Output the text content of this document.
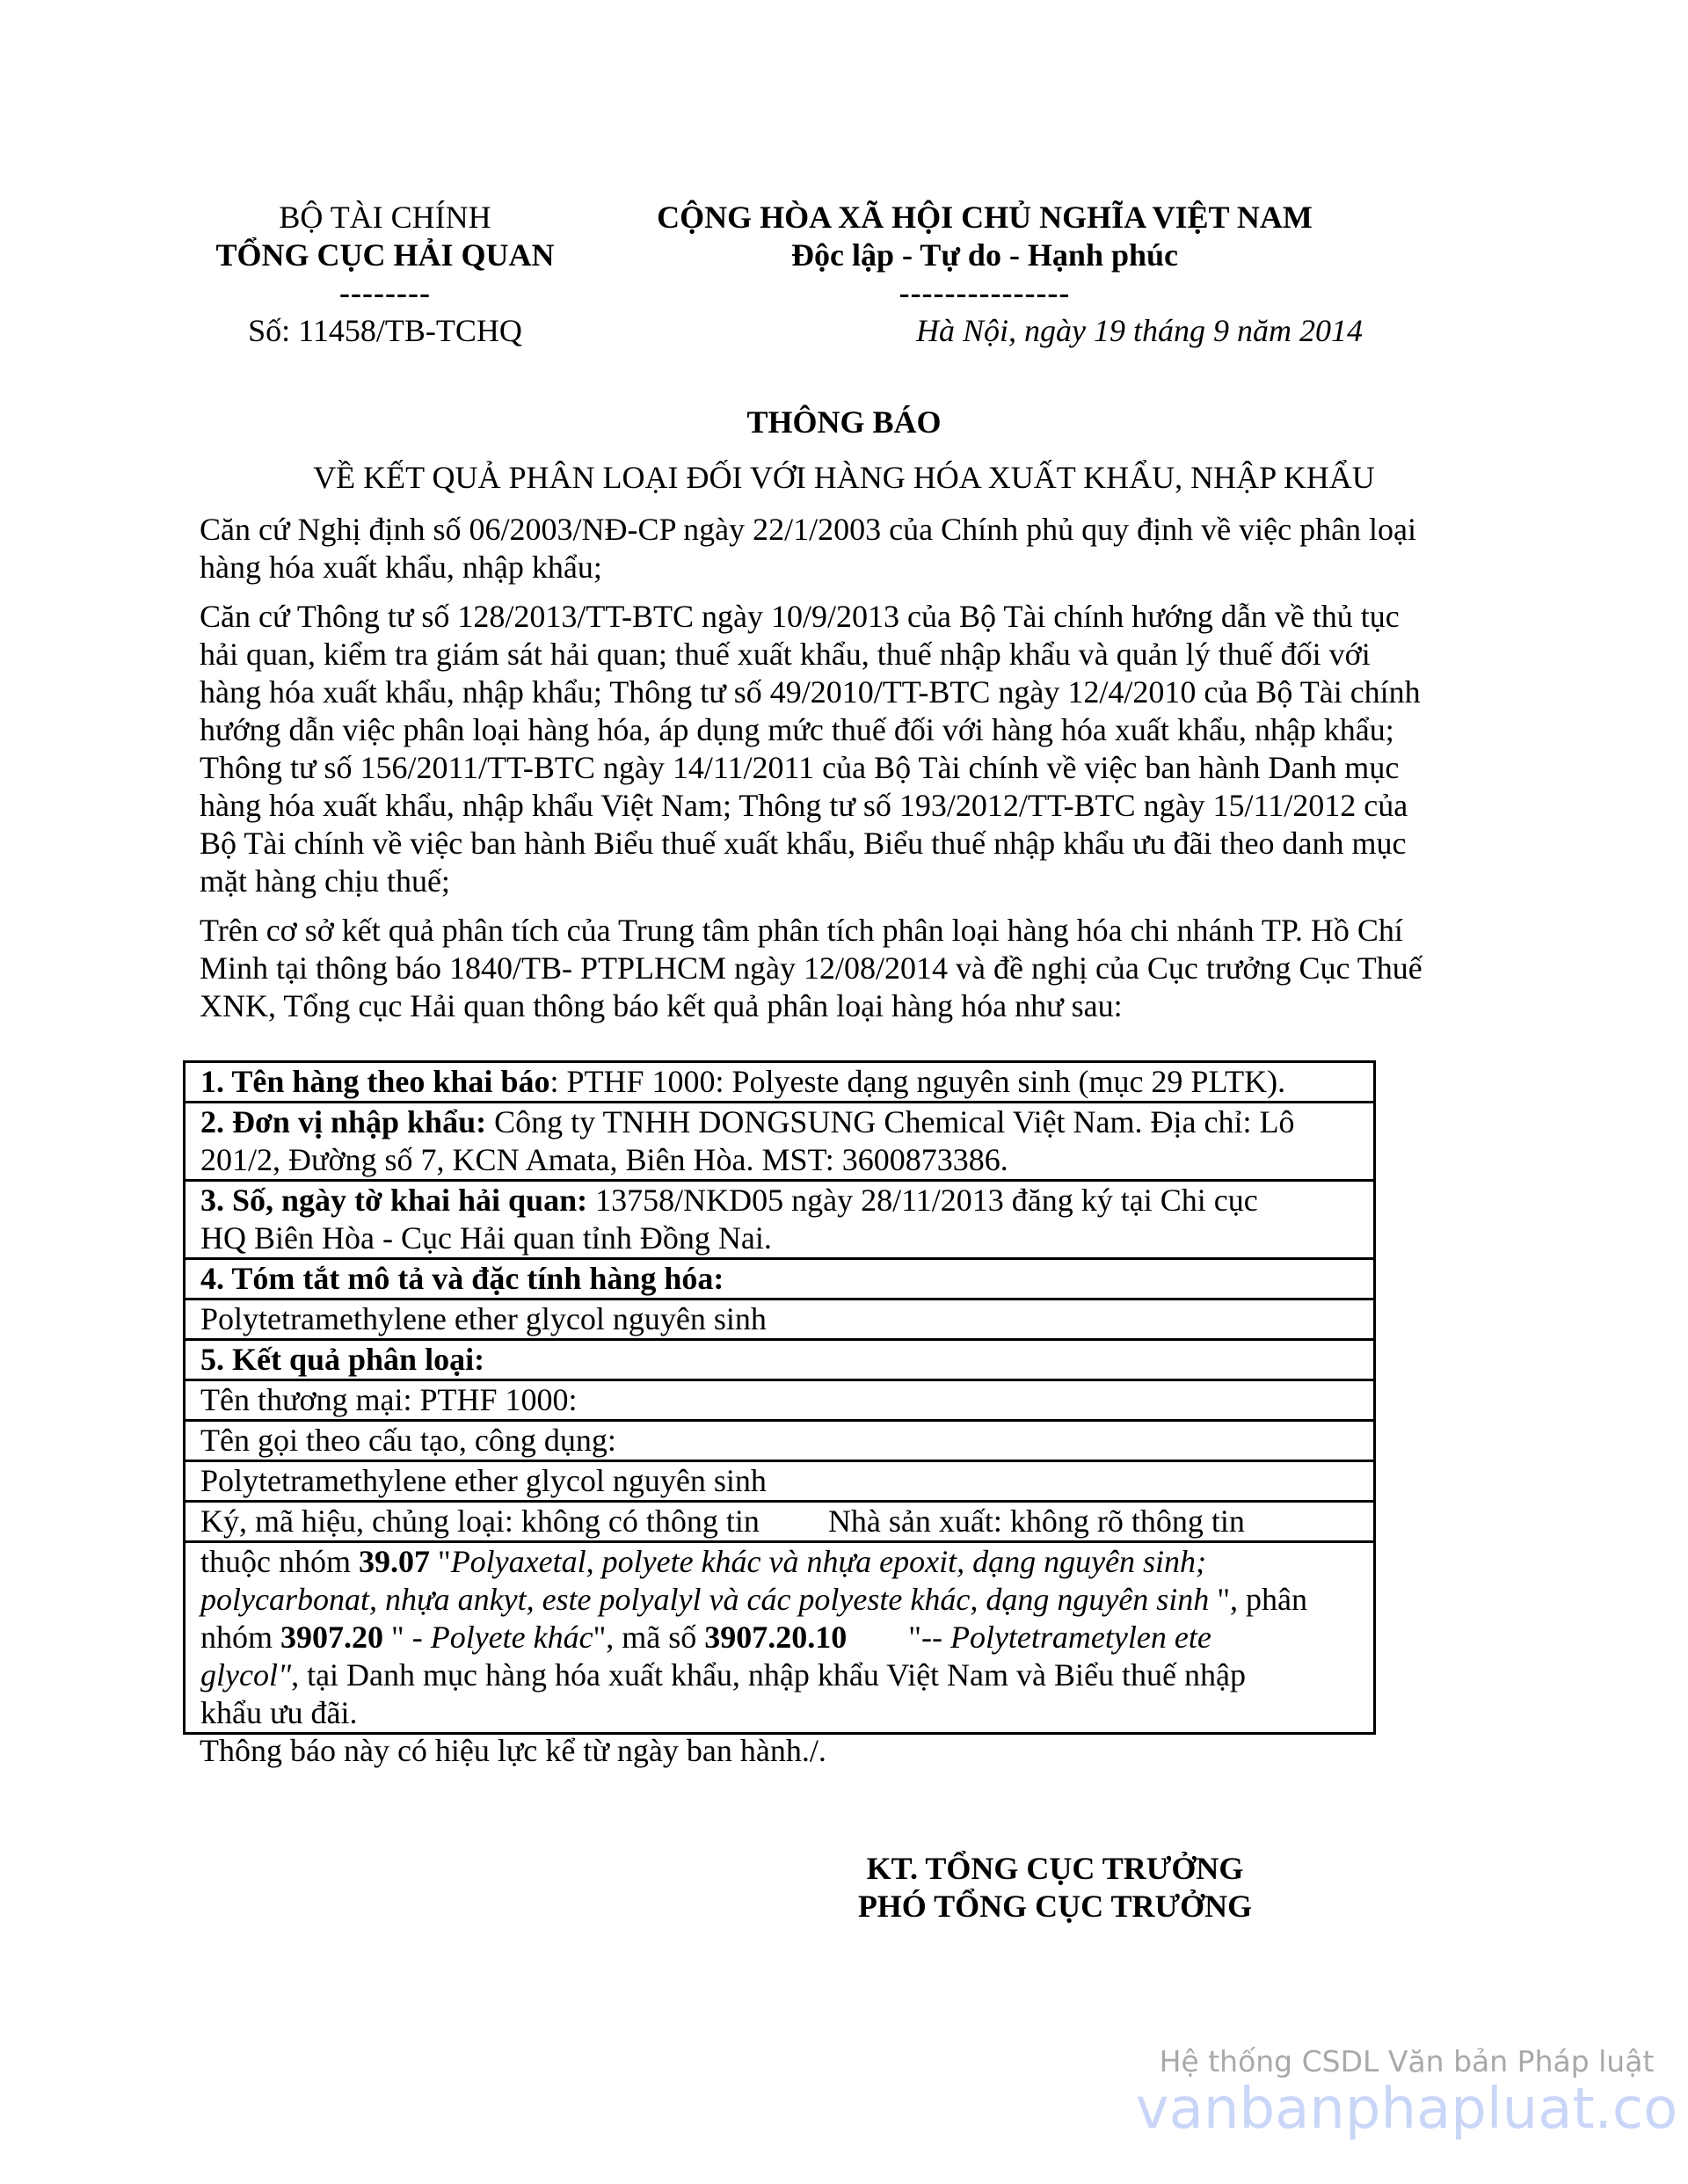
BỘ TÀI CHÍNH
TỔNG CỤC HẢI QUAN
--------
Số: 11458/TB-TCHQ
CỘNG HÒA XÃ HỘI CHỦ NGHĨA VIỆT NAM
Độc lập - Tự do - Hạnh phúc
---------------
Hà Nội, ngày 19 tháng 9 năm 2014
THÔNG BÁO
VỀ KẾT QUẢ PHÂN LOẠI ĐỐI VỚI HÀNG HÓA XUẤT KHẨU, NHẬP KHẨU

Căn cứ Nghị định số 06/2003/NĐ-CP ngày 22/1/2003 của Chính phủ quy định về việc phân loại
hàng hóa xuất khẩu, nhập khẩu;

Căn cứ Thông tư số 128/2013/TT-BTC ngày 10/9/2013 của Bộ Tài chính hướng dẫn về thủ tục
hải quan, kiểm tra giám sát hải quan; thuế xuất khẩu, thuế nhập khẩu và quản lý thuế đối với
hàng hóa xuất khẩu, nhập khẩu; Thông tư số 49/2010/TT-BTC ngày 12/4/2010 của Bộ Tài chính
hướng dẫn việc phân loại hàng hóa, áp dụng mức thuế đối với hàng hóa xuất khẩu, nhập khẩu;
Thông tư số 156/2011/TT-BTC ngày 14/11/2011 của Bộ Tài chính về việc ban hành Danh mục
hàng hóa xuất khẩu, nhập khẩu Việt Nam; Thông tư số 193/2012/TT-BTC ngày 15/11/2012 của
Bộ Tài chính về việc ban hành Biểu thuế xuất khẩu, Biểu thuế nhập khẩu ưu đãi theo danh mục
mặt hàng chịu thuế;

Trên cơ sở kết quả phân tích của Trung tâm phân tích phân loại hàng hóa chi nhánh TP. Hồ Chí
Minh tại thông báo 1840/TB- PTPLHCM ngày 12/08/2014 và đề nghị của Cục trưởng Cục Thuế
XNK, Tổng cục Hải quan thông báo kết quả phân loại hàng hóa như sau:

1. Tên hàng theo khai báo: PTHF 1000: Polyeste dạng nguyên sinh (mục 29 PLTK).
2. Đơn vị nhập khẩu: Công ty TNHH DONGSUNG Chemical Việt Nam. Địa chỉ: Lô
201/2, Đường số 7, KCN Amata, Biên Hòa. MST: 3600873386.

3. Số, ngày tờ khai hải quan: 13758/NKD05 ngày 28/11/2013 đăng ký tại Chi cục
HQ Biên Hòa - Cục Hải quan tỉnh Đồng Nai.

4. Tóm tắt mô tả và đặc tính hàng hóa:
Polytetramethylene ether glycol nguyên sinh
5. Kết quả phân loại:
Tên thương mại: PTHF 1000:
Tên gọi theo cấu tạo, công dụng:
Polytetramethylene ether glycol nguyên sinh
Ký, mã hiệu, chủng loại: không có thông tin Nhà sản xuất: không rõ thông tin

thuộc nhóm 39.07 "Polyaxetal, polyete khác và nhựa epoxit, dạng nguyên sinh;
polycarbonat, nhựa ankyt, este polyalyl và các polyeste khác, dạng nguyên sinh ", phân
nhóm 3907.20 " - Polyete khác", mã số 3907.20.10 "-- Polytetrametylen ete
glycol", tại Danh mục hàng hóa xuất khẩu, nhập khẩu Việt Nam và Biểu thuế nhập
khẩu ưu đãi.
Thông báo này có hiệu lực kể từ ngày ban hành./.
KT. TỔNG CỤC TRƯỞNG
PHÓ TỔNG CỤC TRƯỞNG
Hệ thống CSDL Văn bản Pháp luật
vanbanphapluat.co
